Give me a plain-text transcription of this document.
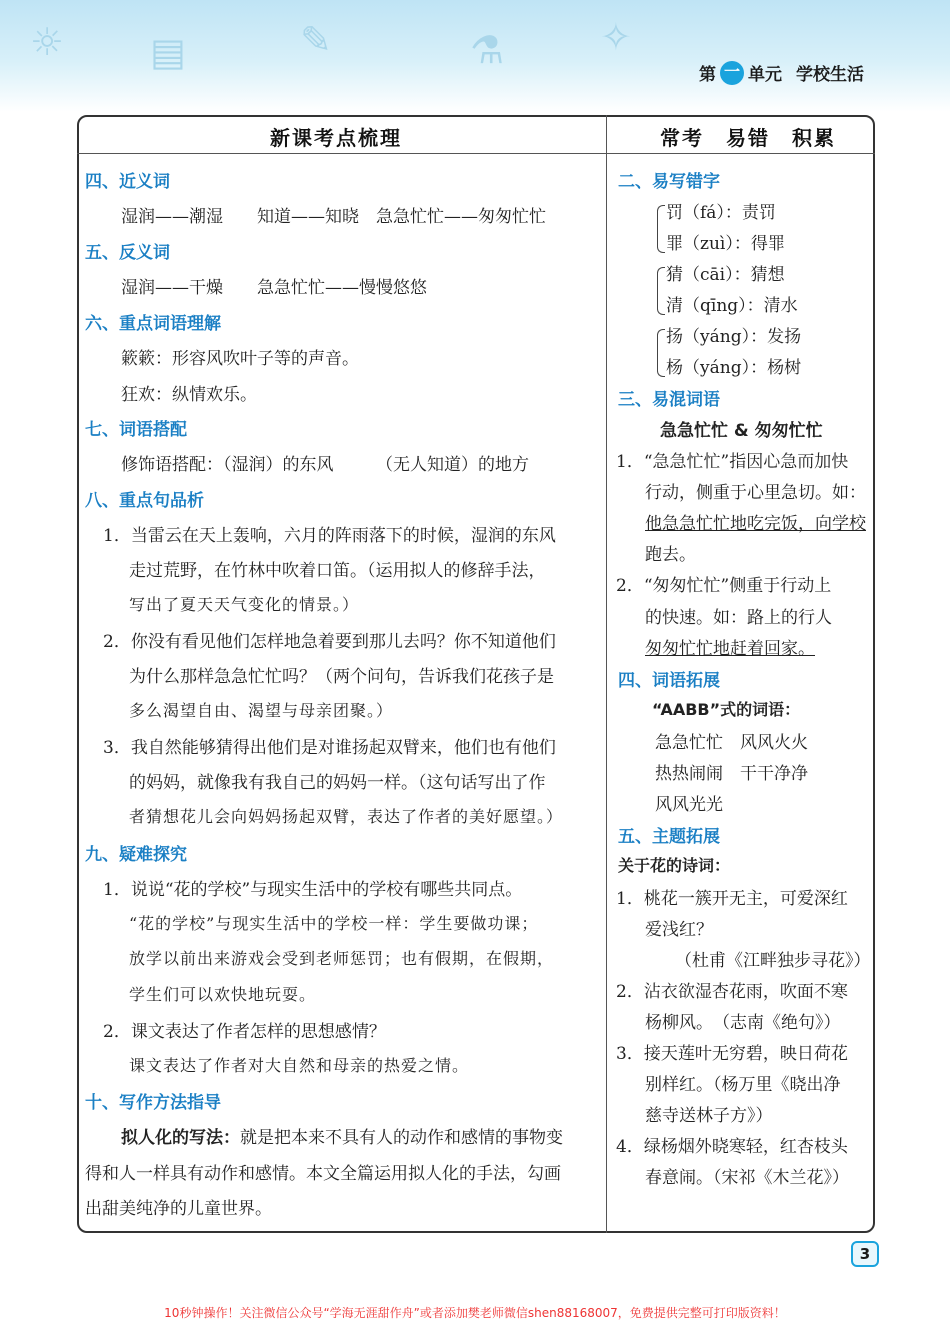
☼ ▤	✎	⚗	✧
第 一 单元 学校生活
新课考点梳理	常考　易错　积累
四、近义词
湿润——潮湿　　知道——知晓　急急忙忙——匆匆忙忙
五、反义词
湿润——干燥　　急急忙忙——慢慢悠悠
六、重点词语理解
簌簌：形容风吹叶子等的声音。
狂欢：纵情欢乐。
七、词语搭配
修饰语搭配：（湿润）的东风　　　（无人知道）的地方
八、重点句品析
1．当雷云在天上轰响，六月的阵雨落下的时候，湿润的东风
走过荒野，在竹林中吹着口笛。（运用拟人的修辞手法，
写出了夏天天气变化的情景。）
2．你没有看见他们怎样地急着要到那儿去吗？你不知道他们
为什么那样急急忙忙吗？（两个问句，告诉我们花孩子是
多么渴望自由、渴望与母亲团聚。）
3．我自然能够猜得出他们是对谁扬起双臂来，他们也有他们
的妈妈，就像我有我自己的妈妈一样。（这句话写出了作
者猜想花儿会向妈妈扬起双臂，表达了作者的美好愿望。）
九、疑难探究
1．说说“花的学校”与现实生活中的学校有哪些共同点。
“花的学校”与现实生活中的学校一样：学生要做功课；
放学以前出来游戏会受到老师惩罚；也有假期，在假期，
学生们可以欢快地玩耍。
2．课文表达了作者怎样的思想感情？
课文表达了作者对大自然和母亲的热爱之情。
十、写作方法指导
拟人化的写法：就是把本来不具有人的动作和感情的事物变
得和人一样具有动作和感情。本文全篇运用拟人化的手法，勾画
出甜美纯净的儿童世界。
二、易写错字
罚（fá）：责罚
罪（zuì）：得罪
猜（cāi）：猜想
清（qīng）：清水
扬（yáng）：发扬
杨（yáng）：杨树
三、易混词语
急急忙忙 & 匆匆忙忙
1．“急急忙忙”指因心急而加快
行动，侧重于心里急切。如：
他急急忙忙地吃完饭，向学校
跑去。
2．“匆匆忙忙”侧重于行动上
的快速。如：路上的行人
匆匆忙忙地赶着回家。
四、词语拓展
“AABB”式的词语：
急急忙忙　风风火火
热热闹闹　干干净净
风风光光
五、主题拓展
关于花的诗词：
1．桃花一簇开无主，可爱深红
爱浅红？
（杜甫《江畔独步寻花》）
2．沾衣欲湿杏花雨，吹面不寒
杨柳风。　（志南《绝句》）
3．接天莲叶无穷碧，映日荷花
别样红。（杨万里《晓出净
慈寺送林子方》）
4．绿杨烟外晓寒轻，红杏枝头
春意闹。（宋祁《木兰花》）
3
10秒钟操作！关注微信公众号“学海无涯甜作舟”或者添加樊老师微信shen88168007，免费提供完整可打印版资料！
